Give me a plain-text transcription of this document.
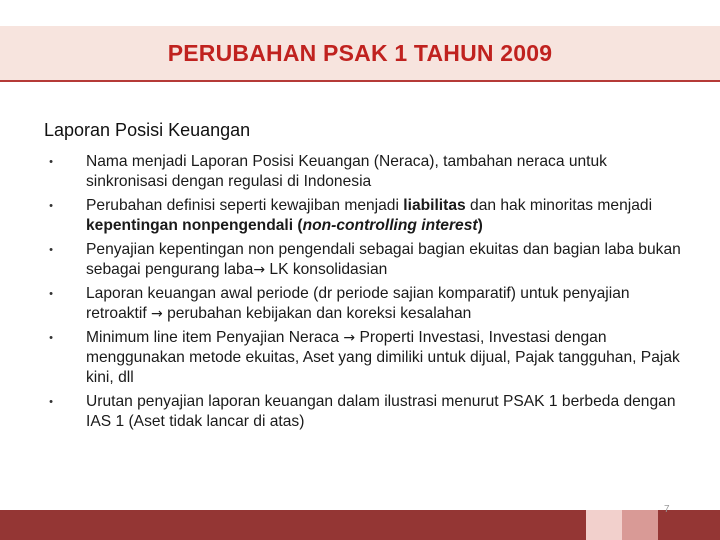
PERUBAHAN PSAK 1 TAHUN 2009
Laporan Posisi Keuangan
•	Nama menjadi Laporan Posisi Keuangan (Neraca), tambahan neraca untuk sinkronisasi dengan regulasi di Indonesia
•	Perubahan definisi seperti kewajiban menjadi liabilitas dan hak minoritas menjadi kepentingan nonpengendali (non-controlling interest)
•	Penyajian kepentingan non pengendali sebagai bagian ekuitas dan bagian laba bukan sebagai pengurang laba→ LK konsolidasian
•	Laporan keuangan awal periode (dr periode sajian komparatif) untuk penyajian retroaktif → perubahan kebijakan dan koreksi kesalahan
•	Minimum line item Penyajian Neraca → Properti Investasi, Investasi dengan menggunakan metode ekuitas, Aset yang dimiliki untuk dijual, Pajak tangguhan, Pajak kini, dll
•	Urutan penyajian laporan keuangan dalam ilustrasi menurut PSAK 1 berbeda dengan IAS 1 (Aset tidak lancar di atas)
7
